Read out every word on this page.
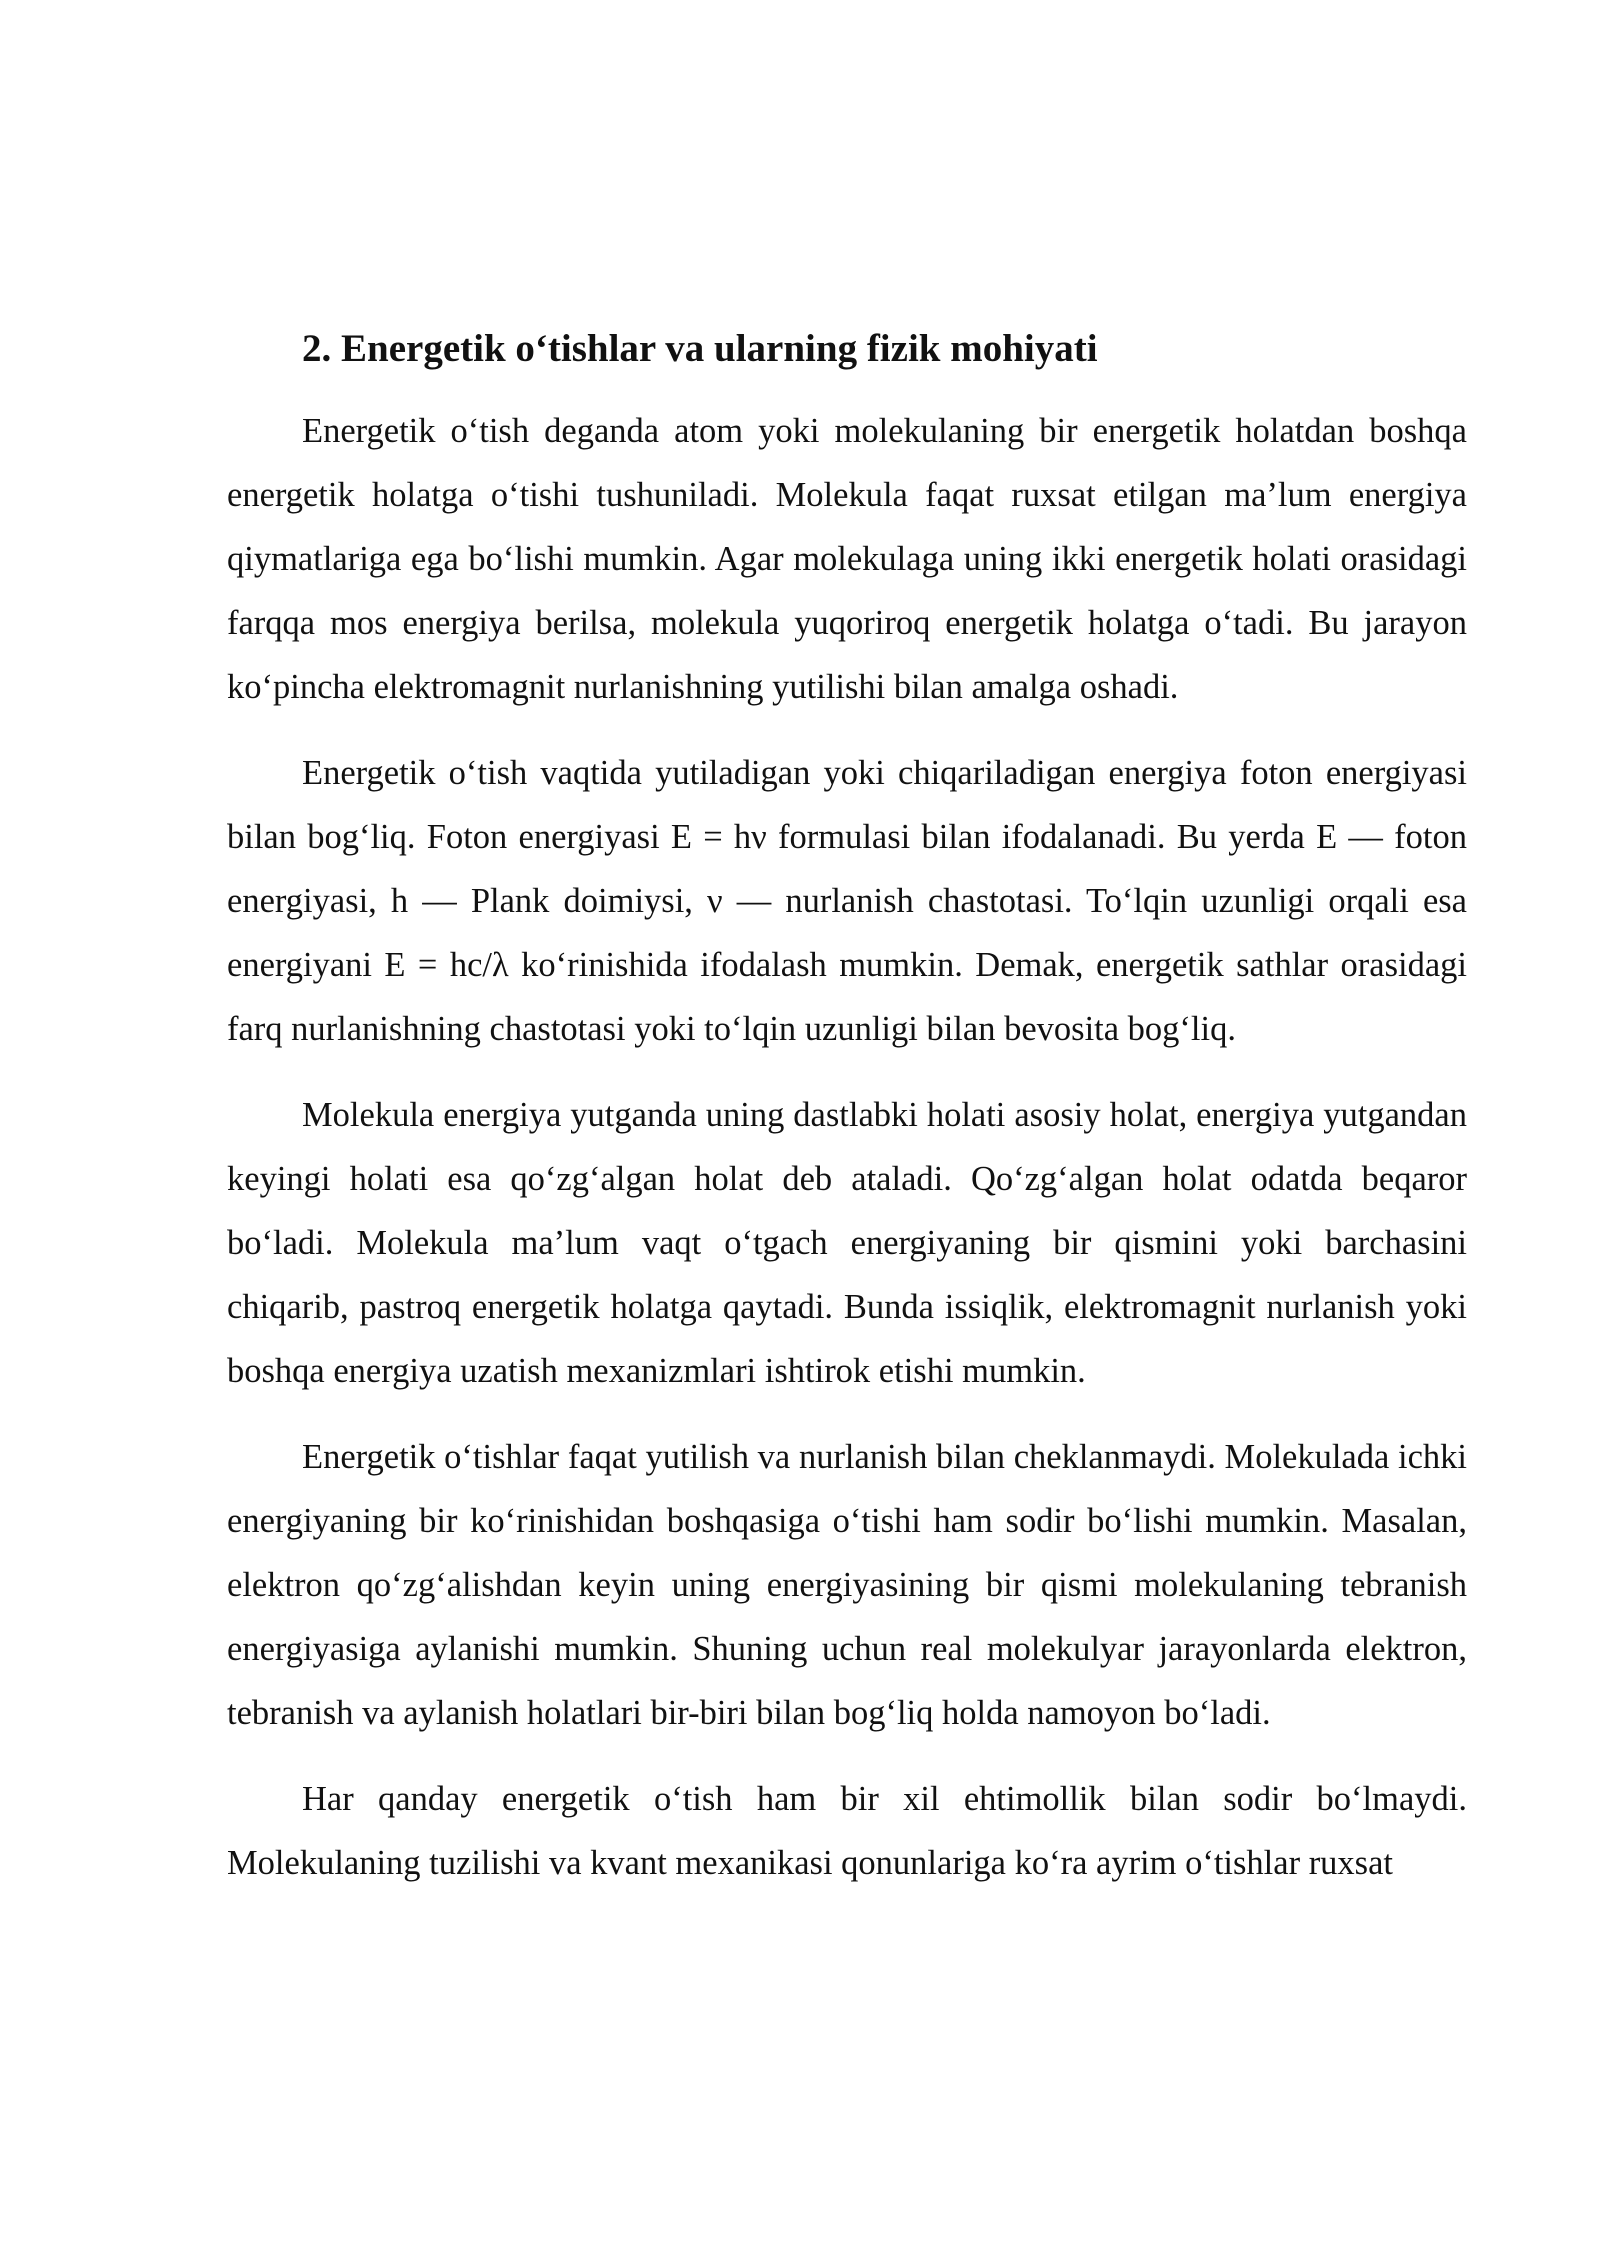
2. Energetik o‘tishlar va ularning fizik mohiyati

Energetik o‘tish deganda atom yoki molekulaning bir energetik holatdan boshqa energetik holatga o‘tishi tushuniladi. Molekula faqat ruxsat etilgan ma’lum energiya qiymatlariga ega bo‘lishi mumkin. Agar molekulaga uning ikki energetik holati orasidagi farqqa mos energiya berilsa, molekula yuqoriroq energetik holatga o‘tadi. Bu jarayon ko‘pincha elektromagnit nurlanishning yutilishi bilan amalga oshadi.

Energetik o‘tish vaqtida yutiladigan yoki chiqariladigan energiya foton energiyasi bilan bog‘liq. Foton energiyasi E = hν formulasi bilan ifodalanadi. Bu yerda E — foton energiyasi, h — Plank doimiysi, ν — nurlanish chastotasi. To‘lqin uzunligi orqali esa energiyani E = hc/λ ko‘rinishida ifodalash mumkin. Demak, energetik sathlar orasidagi farq nurlanishning chastotasi yoki to‘lqin uzunligi bilan bevosita bog‘liq.

Molekula energiya yutganda uning dastlabki holati asosiy holat, energiya yutgandan keyingi holati esa qo‘zg‘algan holat deb ataladi. Qo‘zg‘algan holat odatda beqaror bo‘ladi. Molekula ma’lum vaqt o‘tgach energiyaning bir qismini yoki barchasini chiqarib, pastroq energetik holatga qaytadi. Bunda issiqlik, elektromagnit nurlanish yoki boshqa energiya uzatish mexanizmlari ishtirok etishi mumkin.

Energetik o‘tishlar faqat yutilish va nurlanish bilan cheklanmaydi. Molekulada ichki energiyaning bir ko‘rinishidan boshqasiga o‘tishi ham sodir bo‘lishi mumkin. Masalan, elektron qo‘zg‘alishdan keyin uning energiyasining bir qismi molekulaning tebranish energiyasiga aylanishi mumkin. Shuning uchun real molekulyar jarayonlarda elektron, tebranish va aylanish holatlari bir-biri bilan bog‘liq holda namoyon bo‘ladi.

Har qanday energetik o‘tish ham bir xil ehtimollik bilan sodir bo‘lmaydi. Molekulaning tuzilishi va kvant mexanikasi qonunlariga ko‘ra ayrim o‘tishlar ruxsat
